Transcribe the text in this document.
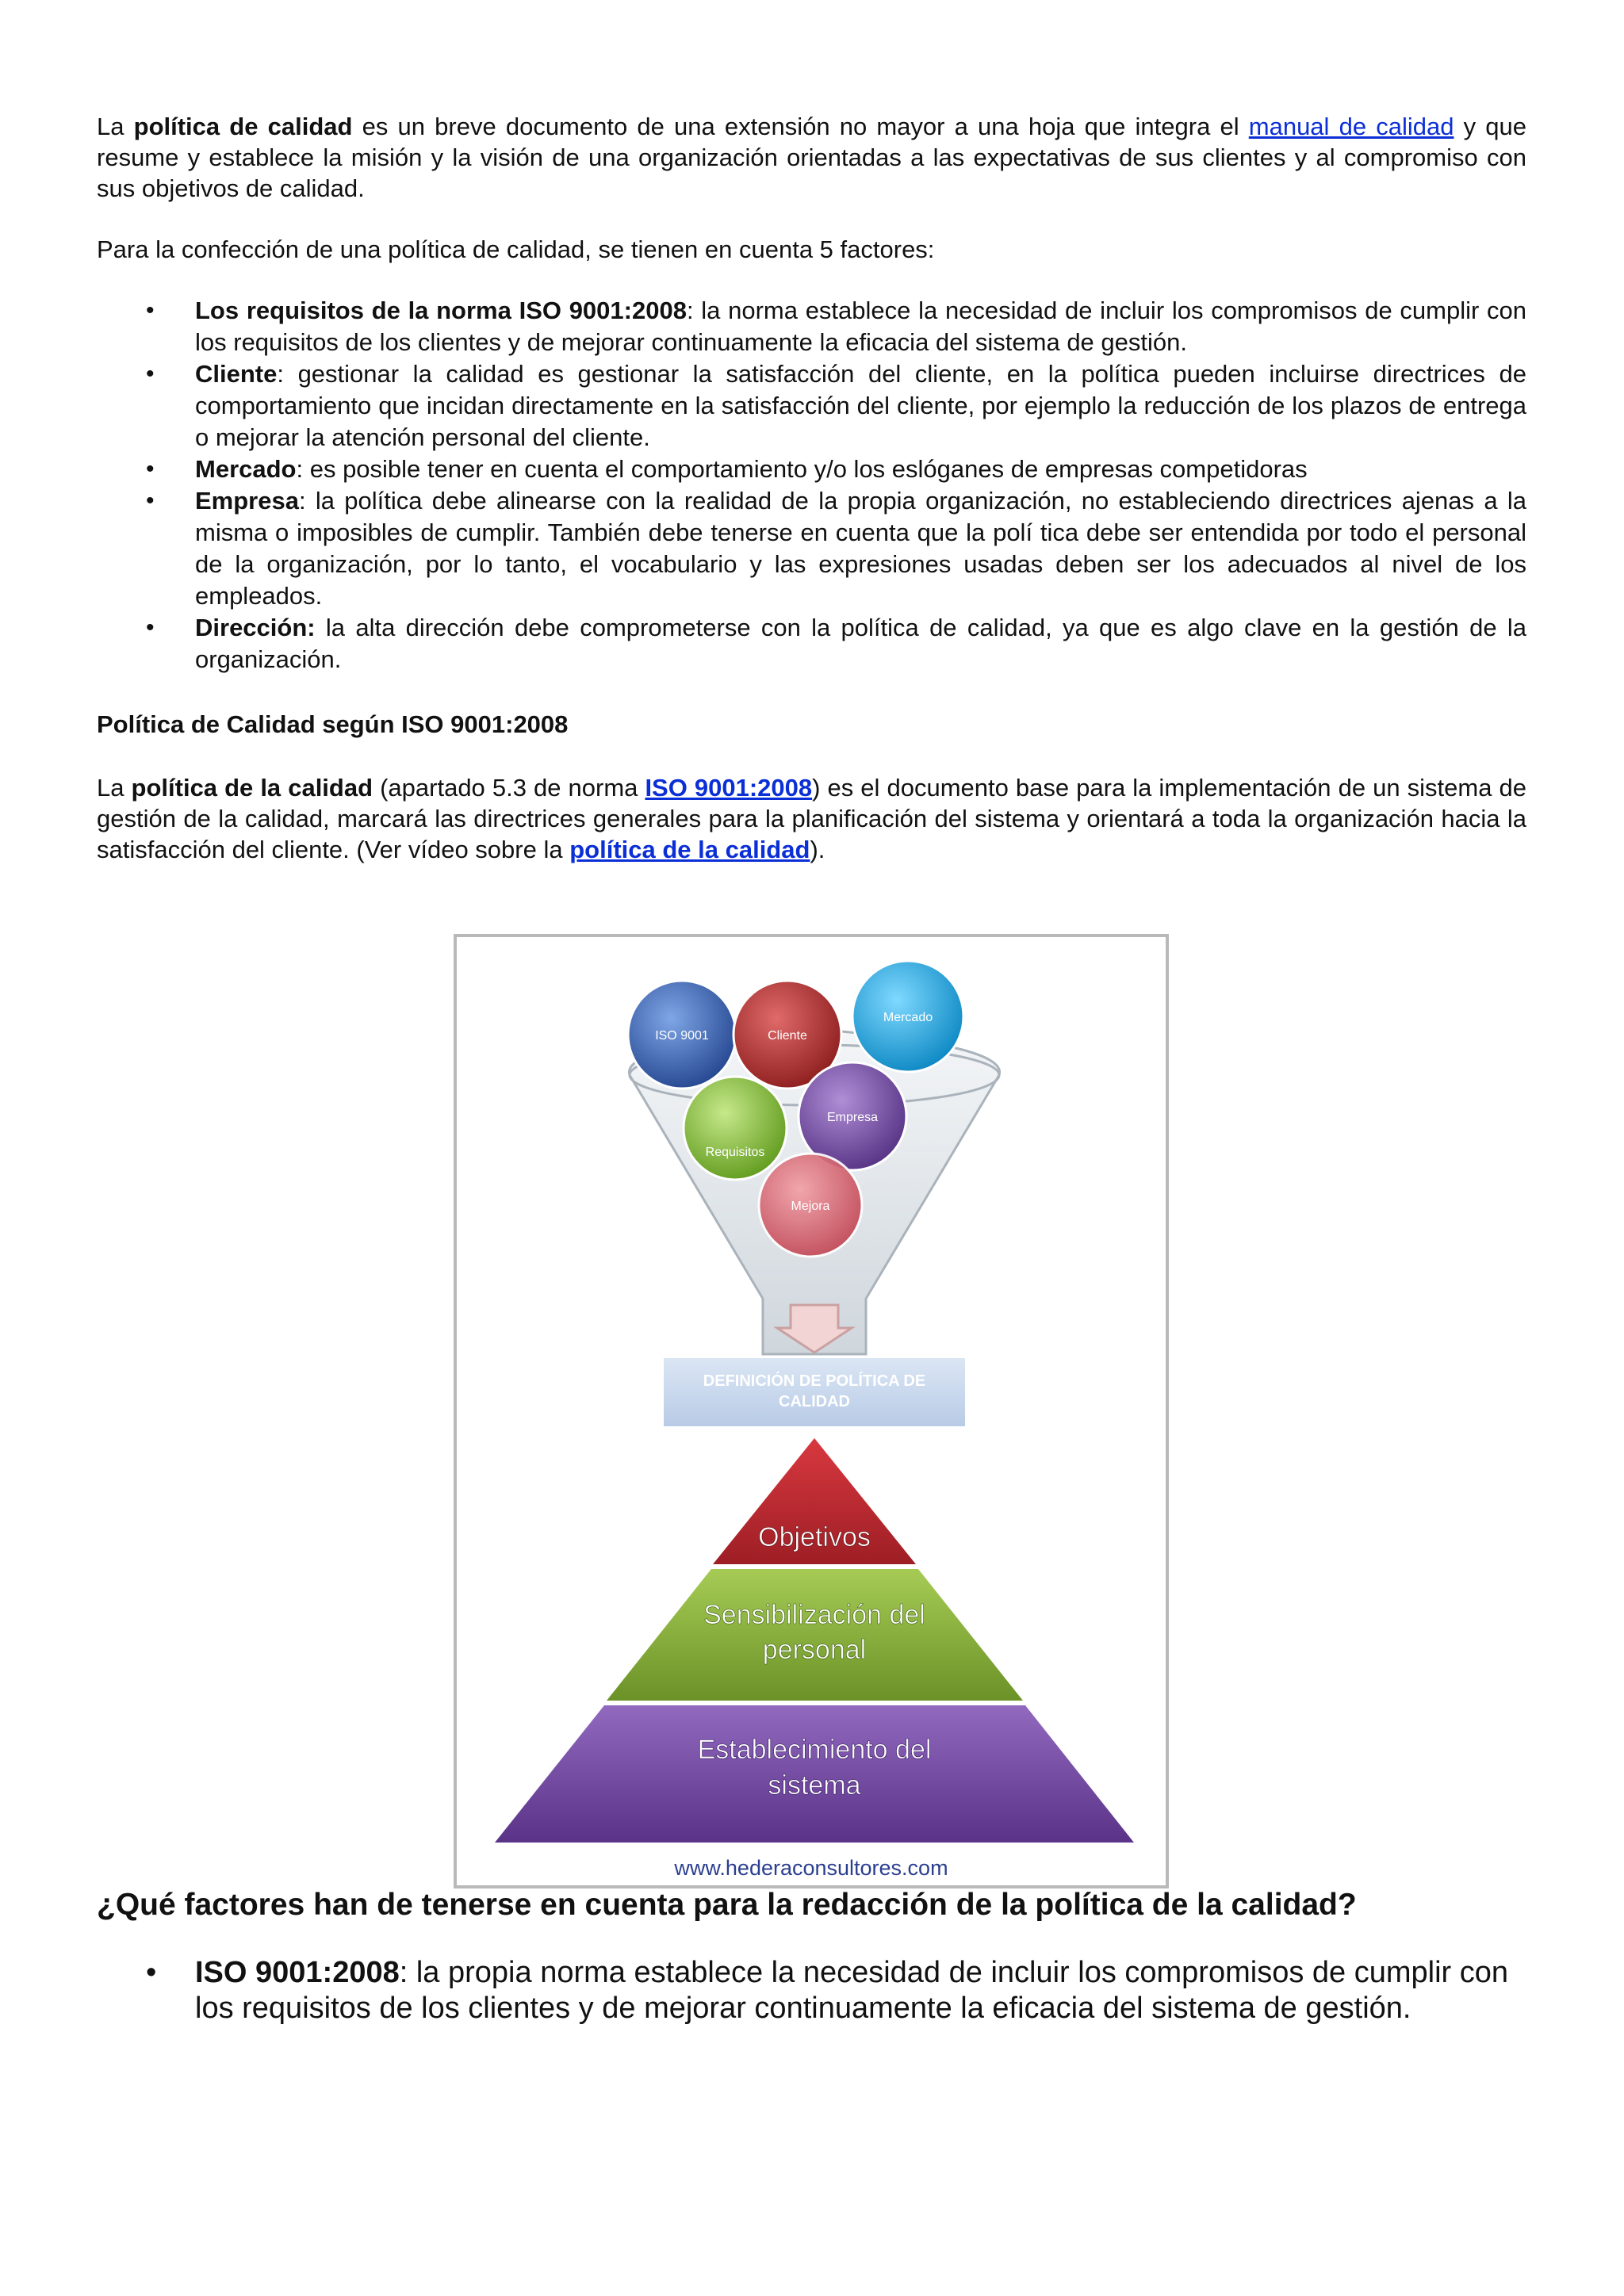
La política de calidad es un breve documento de una extensión no mayor a una hoja que integra el manual de calidad y que resume y establece la misión y la visión de una organización orientadas a las expectativas de sus clientes y al compromiso con sus objetivos de calidad.

Para la confección de una política de calidad, se tienen en cuenta 5 factores:

• Los requisitos de la norma ISO 9001:2008: la norma establece la necesidad de incluir los compromisos de cumplir con los requisitos de los clientes y de mejorar continuamente la eficacia del sistema de gestión.
• Cliente: gestionar la calidad es gestionar la satisfacción del cliente, en la política pueden incluirse directrices de comportamiento que incidan directamente en la satisfacción del cliente, por ejemplo la reducción de los plazos de entrega o mejorar la atención personal del cliente.
• Mercado: es posible tener en cuenta el comportamiento y/o los eslóganes de empresas competidoras
• Empresa: la política debe alinearse con la realidad de la propia organización, no estableciendo directrices ajenas a la misma o imposibles de cumplir. También debe tenerse en cuenta que la polí tica debe ser entendida por todo el personal de la organización, por lo tanto, el vocabulario y las expresiones usadas deben ser los adecuados al nivel de los empleados.
• Dirección: la alta dirección debe comprometerse con la política de calidad, ya que es algo clave en la gestión de la organización.
Política de Calidad según ISO 9001:2008

La política de la calidad (apartado 5.3 de norma ISO 9001:2008) es el documento base para la implementación de un sistema de gestión de la calidad, marcará las directrices generales para la planificación del sistema y orientará a toda la organización hacia la satisfacción del cliente. (Ver vídeo sobre la política de la calidad).

ISO 9001	Cliente
Mercado
Requisitos
Empresa
Mejora
DEFINICIÓN DE POLÍTICA DE
CALIDAD
Objetivos
Sensibilización del
personal
Establecimiento del
sistema
www.hederaconsultores.com
¿Qué factores han de tenerse en cuenta para la redacción de la política de la calidad?
• ISO 9001:2008: la propia norma establece la necesidad de incluir los compromisos de cumplir con los requisitos de los clientes y de mejorar continuamente la eficacia del sistema de gestión.
